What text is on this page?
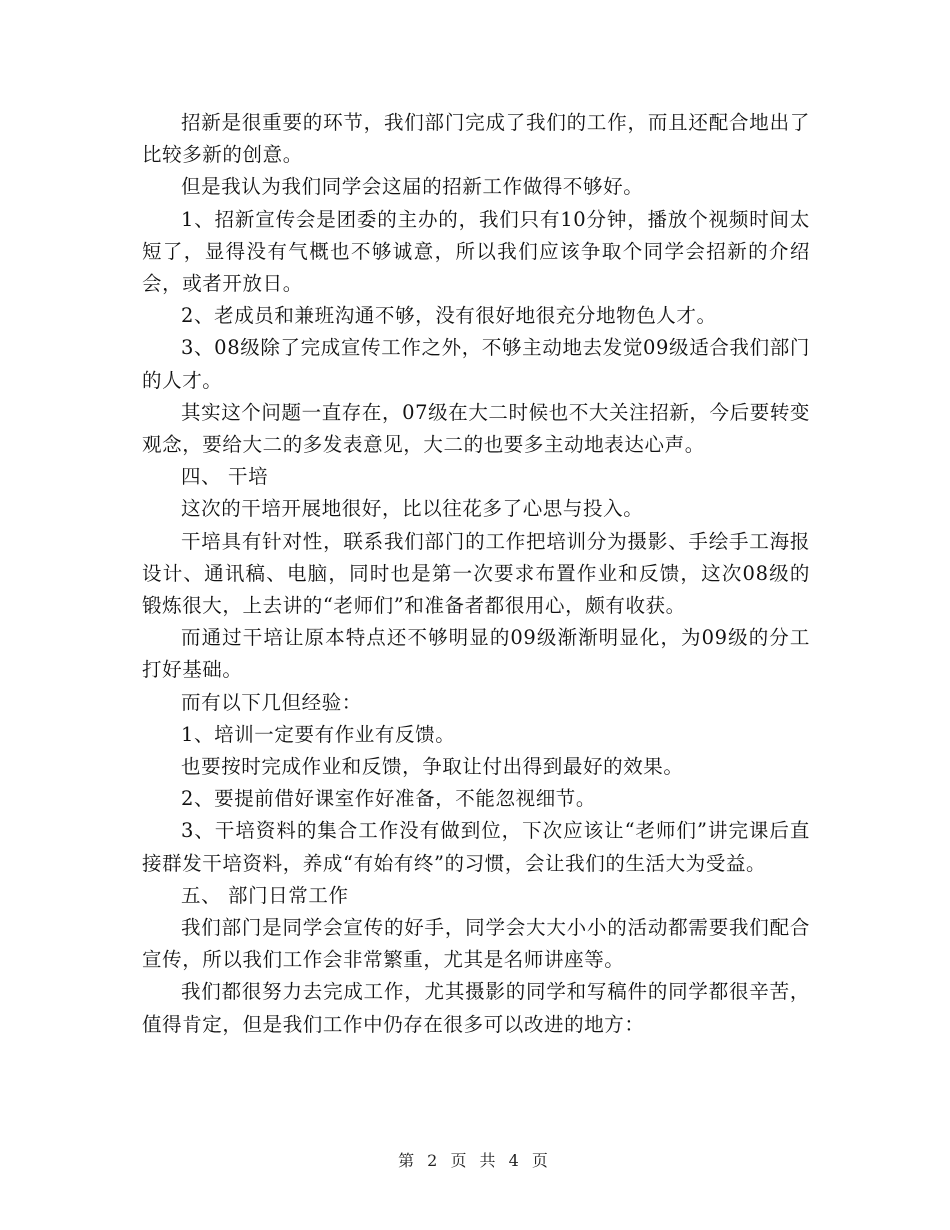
招新是很重要的环节，我们部门完成了我们的工作，而且还配合地出了比较多新的创意。

但是我认为我们同学会这届的招新工作做得不够好。

1、招新宣传会是团委的主办的，我们只有10分钟，播放个视频时间太短了，显得没有气概也不够诚意，所以我们应该争取个同学会招新的介绍会，或者开放日。

2、老成员和兼班沟通不够，没有很好地很充分地物色人才。

3、08级除了完成宣传工作之外，不够主动地去发觉09级适合我们部门的人才。

其实这个问题一直存在，07级在大二时候也不大关注招新，今后要转变观念，要给大二的多发表意见，大二的也要多主动地表达心声。

四、 干培

这次的干培开展地很好，比以往花多了心思与投入。

干培具有针对性，联系我们部门的工作把培训分为摄影、手绘手工海报设计、通讯稿、电脑，同时也是第一次要求布置作业和反馈，这次08级的锻炼很大，上去讲的“老师们”和准备者都很用心，颇有收获。

而通过干培让原本特点还不够明显的09级渐渐明显化，为09级的分工打好基础。

而有以下几但经验：

1、培训一定要有作业有反馈。

也要按时完成作业和反馈，争取让付出得到最好的效果。

2、要提前借好课室作好准备，不能忽视细节。

3、干培资料的集合工作没有做到位，下次应该让“老师们”讲完课后直接群发干培资料，养成“有始有终”的习惯，会让我们的生活大为受益。

五、 部门日常工作

我们部门是同学会宣传的好手，同学会大大小小的活动都需要我们配合宣传，所以我们工作会非常繁重，尤其是名师讲座等。

我们都很努力去完成工作，尤其摄影的同学和写稿件的同学都很辛苦，值得肯定，但是我们工作中仍存在很多可以改进的地方：

第 2 页 共 4 页
